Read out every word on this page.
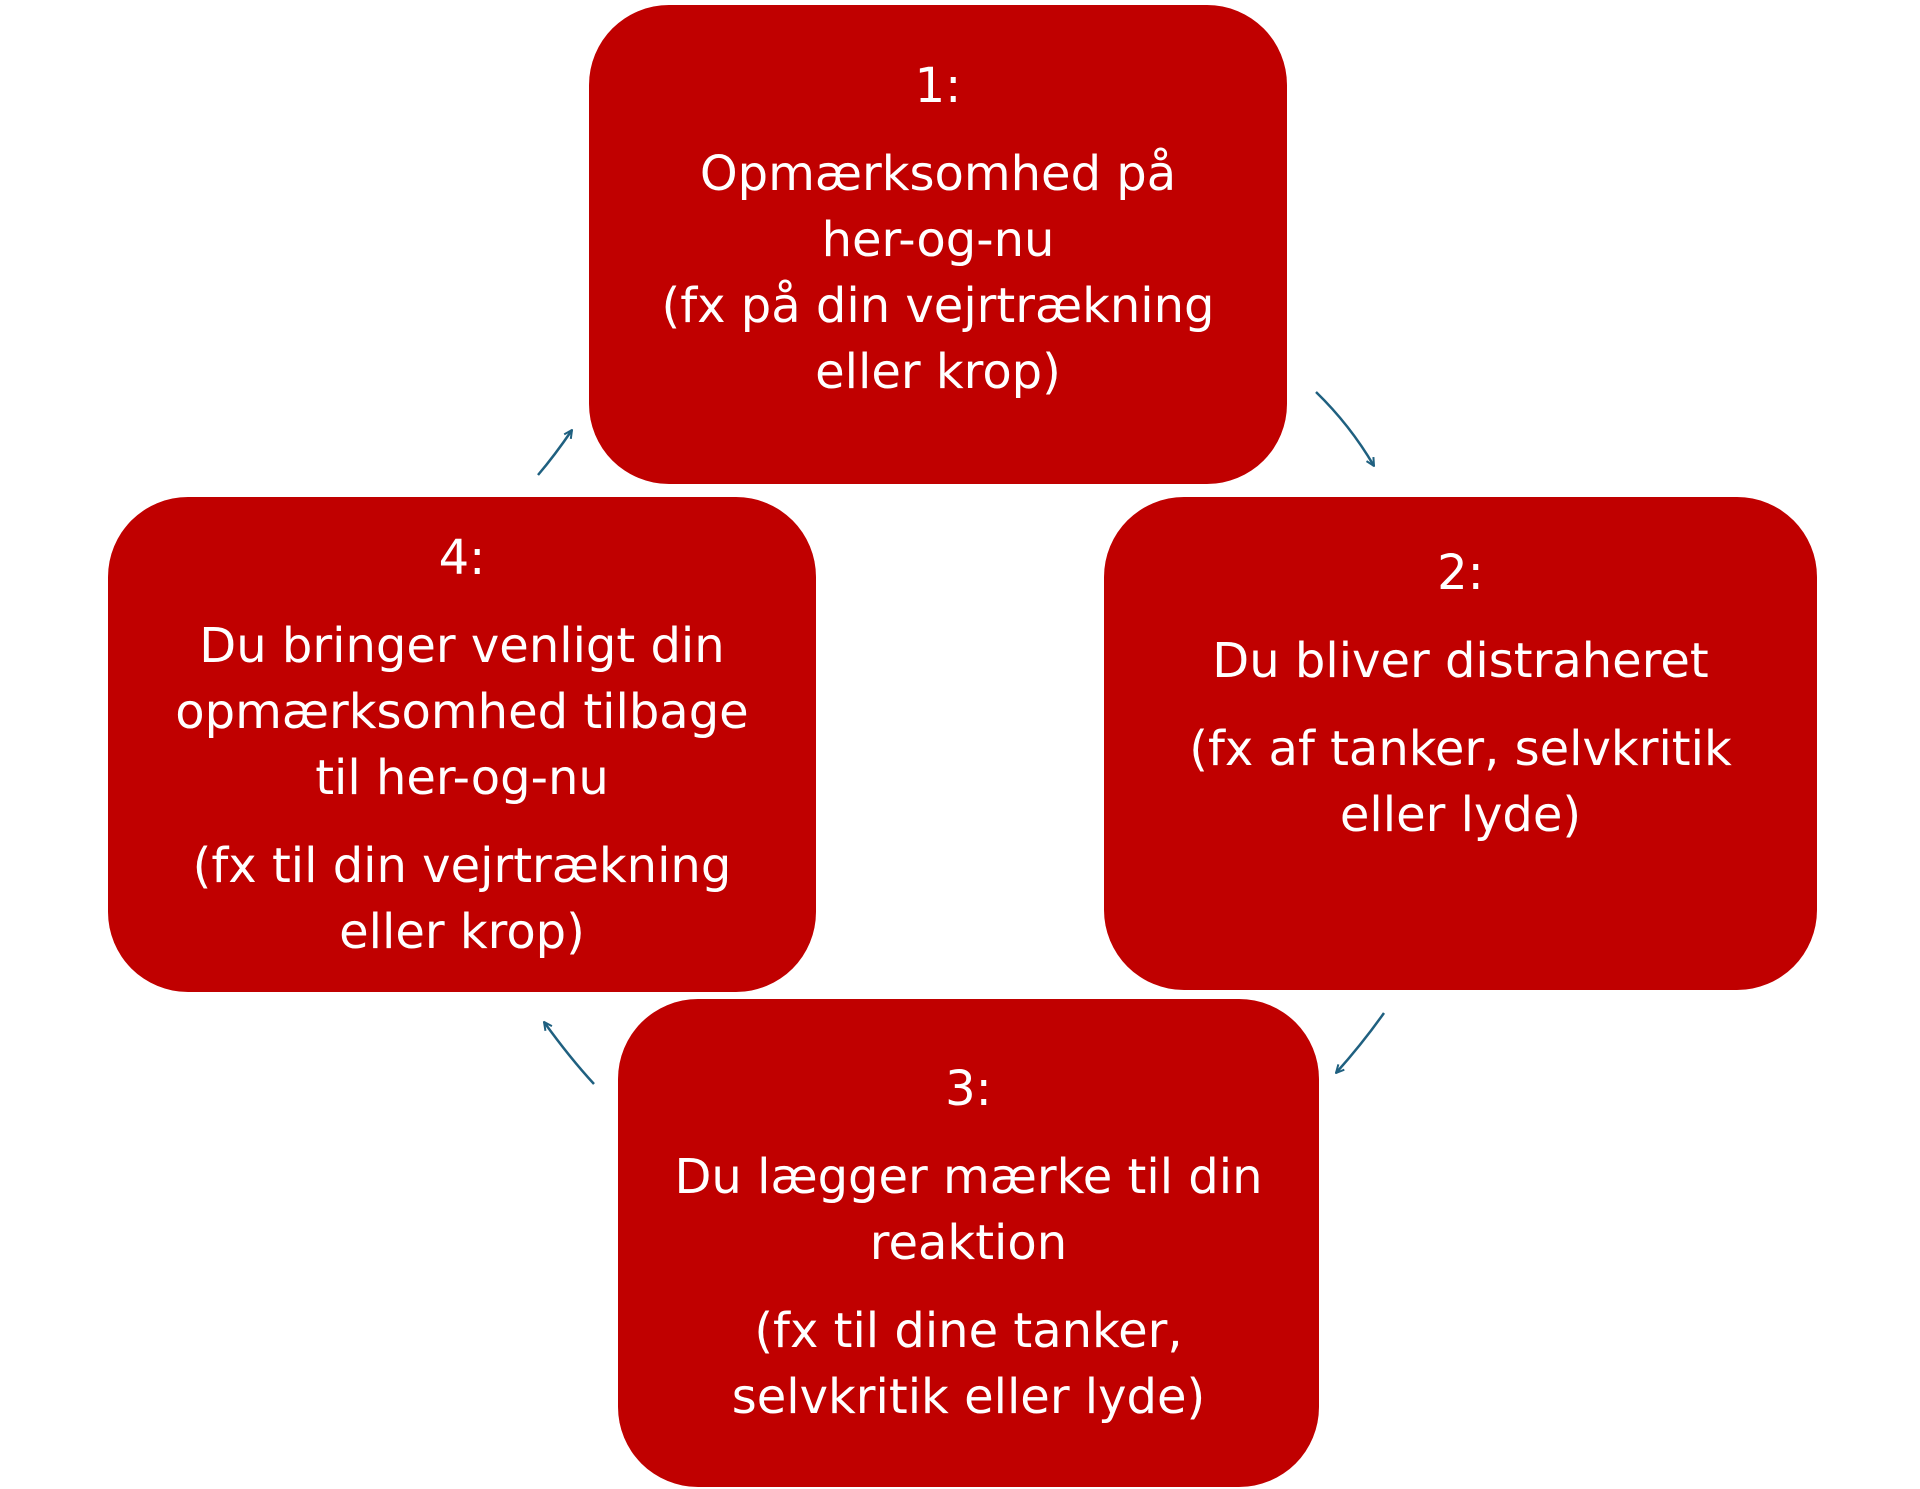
1:

Opmærksomhed på
her-og-nu

(fx på din vejrtrækning
eller krop)

2:

Du bliver distraheret

(fx af tanker, selvkritik
eller lyde)

3:

Du lægger mærke til din
reaktion

(fx til dine tanker,
selvkritik eller lyde)

4:

Du bringer venligt din
opmærksomhed tilbage
til her-og-nu

(fx til din vejrtrækning
eller krop)
